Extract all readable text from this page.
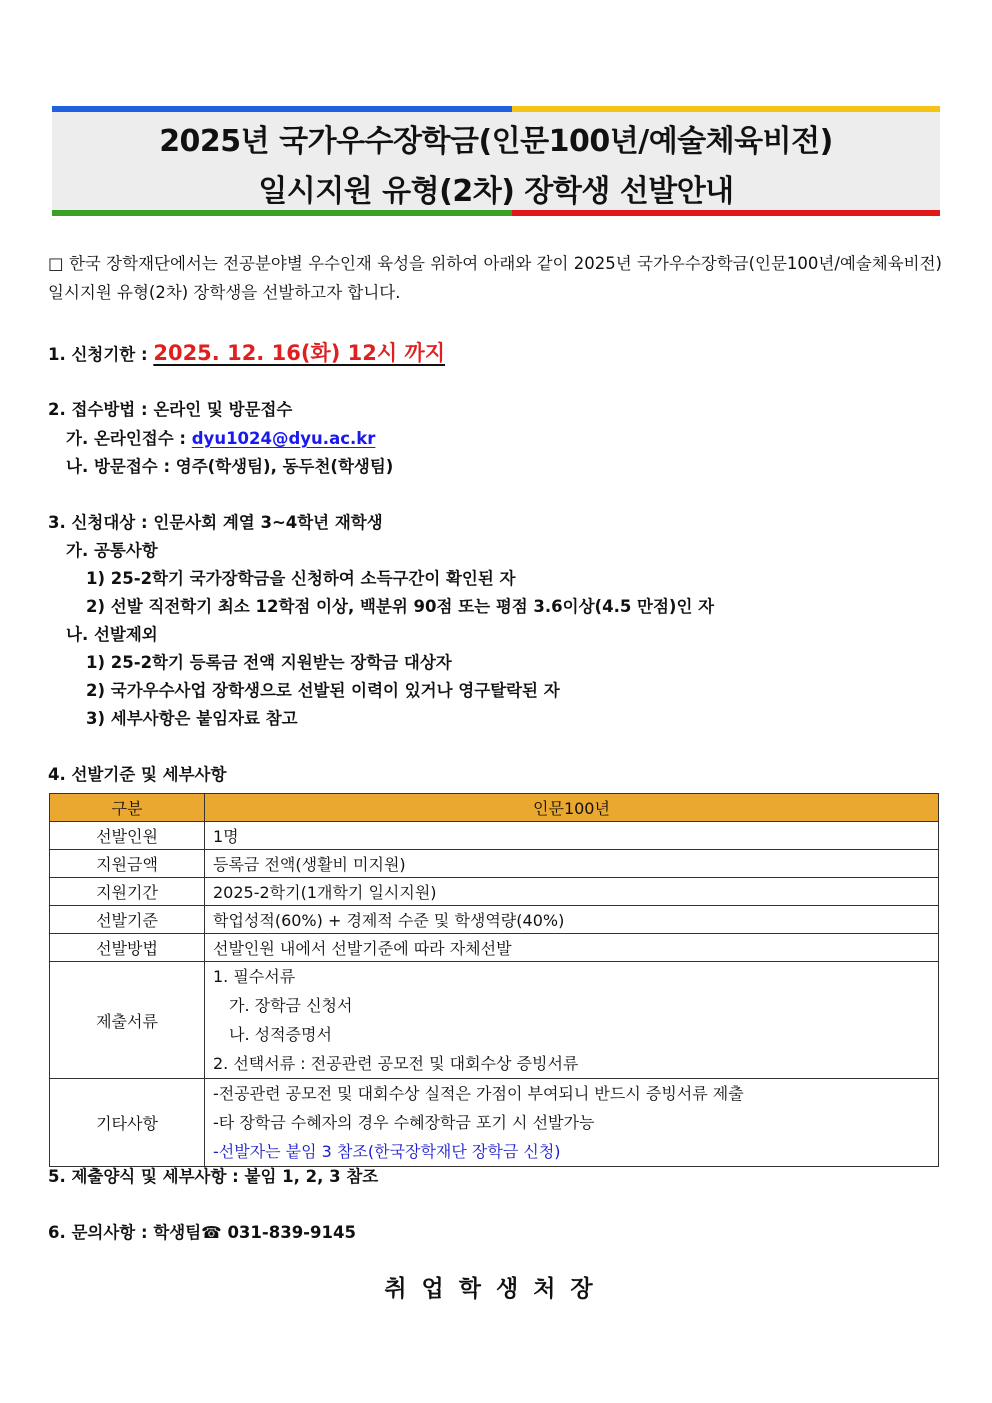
2025년 국가우수장학금(인문100년/예술체육비전)
일시지원 유형(2차) 장학생 선발안내
□ 한국 장학재단에서는 전공분야별 우수인재 육성을 위하여 아래와 같이 2025년 국가우수장학금(인문100년/예술체육비전) 일시지원 유형(2차) 장학생을 선발하고자 합니다.
1. 신청기한 : 2025. 12. 16(화) 12시 까지
2. 접수방법 : 온라인 및 방문접수
가. 온라인접수 : dyu1024@dyu.ac.kr
나. 방문접수 : 영주(학생팀), 동두천(학생팀)
3. 신청대상 : 인문사회 계열 3~4학년 재학생
가. 공통사항
1) 25-2학기 국가장학금을 신청하여 소득구간이 확인된 자
2) 선발 직전학기 최소 12학점 이상, 백분위 90점 또는 평점 3.6이상(4.5 만점)인 자
나. 선발제외
1) 25-2학기 등록금 전액 지원받는 장학금 대상자
2) 국가우수사업 장학생으로 선발된 이력이 있거나 영구탈락된 자
3) 세부사항은 붙임자료 참고
4. 선발기준 및 세부사항
구분	인문100년
선발인원	1명
지원금액	등록금 전액(생활비 미지원)
지원기간	2025-2학기(1개학기 일시지원)
선발기준	학업성적(60%) + 경제적 수준 및 학생역량(40%)
선발방법	선발인원 내에서 선발기준에 따라 자체선발
제출서류	1. 필수서류
가. 장학금 신청서
나. 성적증명서
2. 선택서류 : 전공관련 공모전 및 대회수상 증빙서류

기타사항	-전공관련 공모전 및 대회수상 실적은 가점이 부여되니 반드시 증빙서류 제출
-타 장학금 수혜자의 경우 수혜장학금 포기 시 선발가능
-선발자는 붙임 3 참조(한국장학재단 장학금 신청)
5. 제출양식 및 세부사항 : 붙임 1, 2, 3 참조
6. 문의사항 : 학생팀☎ 031-839-9145
취업학생처장
